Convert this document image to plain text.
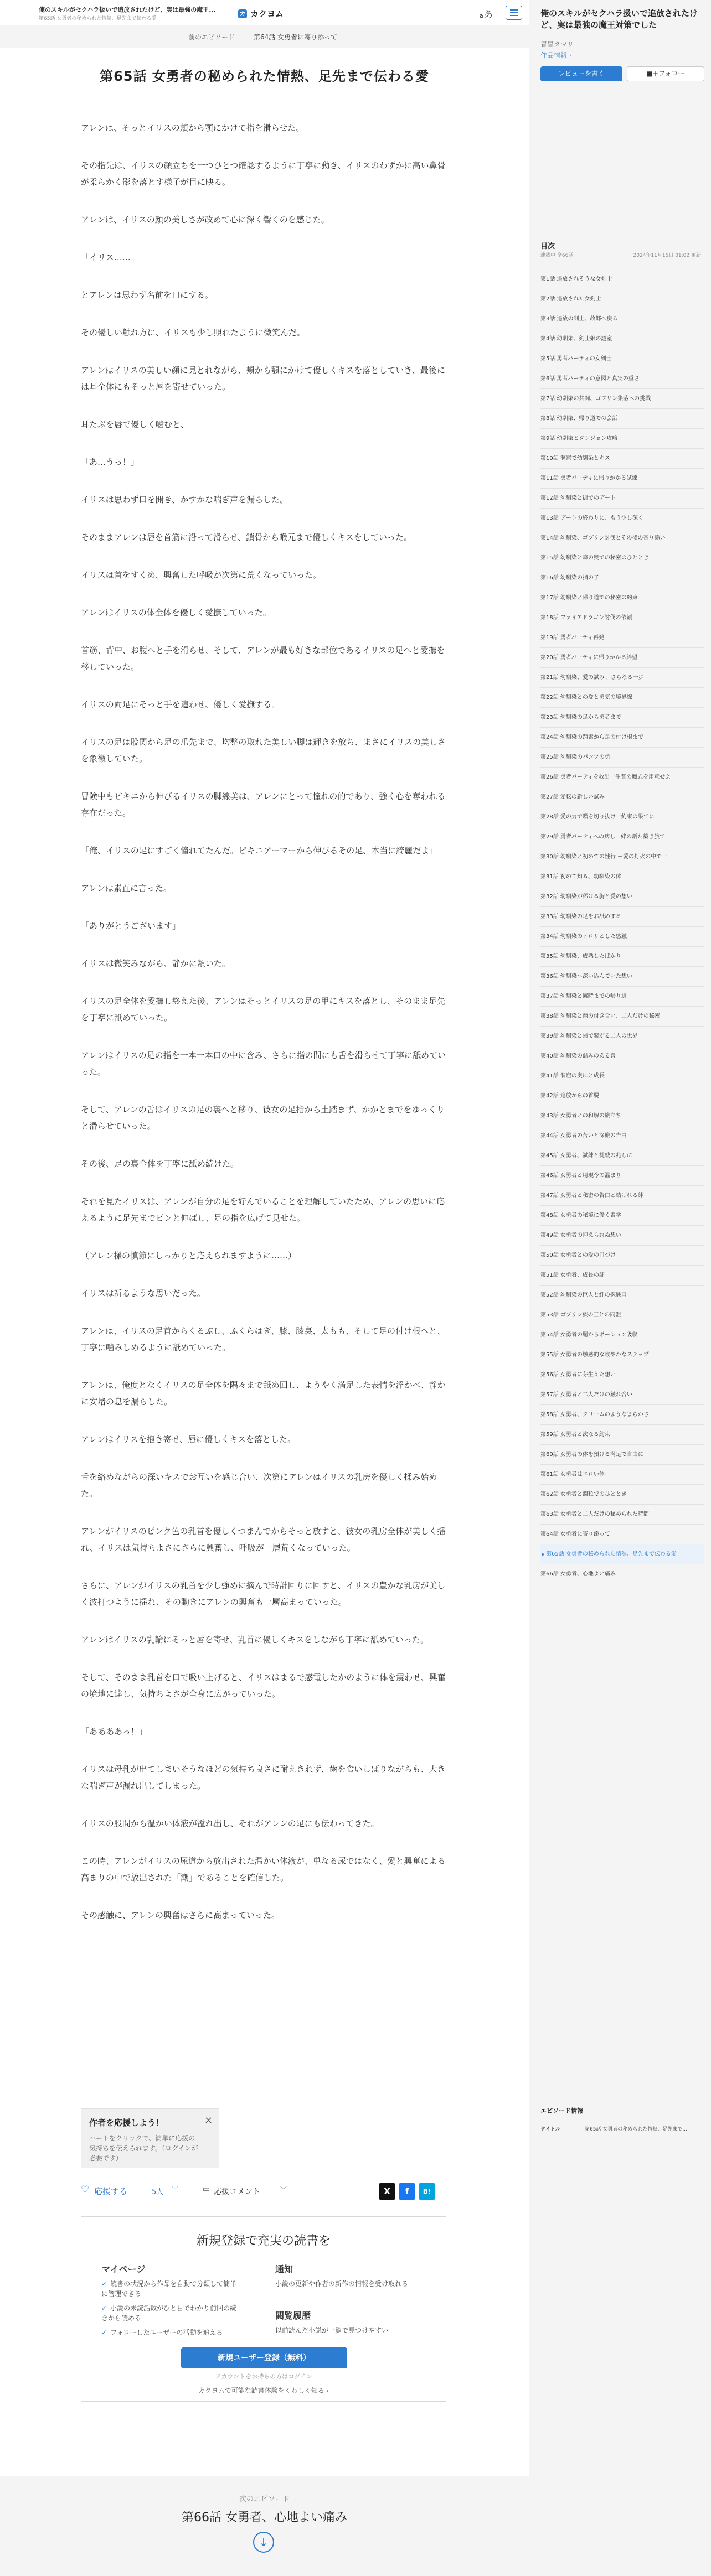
俺のスキルがセクハラ扱いで追放されたけど、実は最強の魔王...
第65話 女勇者の秘められた情熱、足先まで伝わる愛
カ カクヨム	aあ
前のエピソード	第64話 女勇者に寄り添って
第65話 女勇者の秘められた情熱、足先まで伝わる愛

アレンは、そっとイリスの頬から顎にかけて指を滑らせた。

その指先は、イリスの顔立ちを一つひとつ確認するように丁寧に動き、イリスのわずかに高い鼻骨が柔らかく影を落とす様子が目に映る。

アレンは、イリスの顔の美しさが改めて心に深く響くのを感じた。

「イリス……」

とアレンは思わず名前を口にする。

その優しい触れ方に、イリスも少し照れたように微笑んだ。

アレンはイリスの美しい顔に見とれながら、頬から顎にかけて優しくキスを落としていき、最後には耳全体にもそっと唇を寄せていった。

耳たぶを唇で優しく噛むと、

「あ…うっ！」

イリスは思わず口を開き、かすかな喘ぎ声を漏らした。

そのままアレンは唇を首筋に沿って滑らせ、鎖骨から喉元まで優しくキスをしていった。

イリスは首をすくめ、興奮した呼吸が次第に荒くなっていった。

アレンはイリスの体全体を優しく愛撫していった。

首筋、背中、お腹へと手を滑らせ、そして、アレンが最も好きな部位であるイリスの足へと愛撫を移していった。

イリスの両足にそっと手を這わせ、優しく愛撫する。

イリスの足は股関から足の爪先まで、均整の取れた美しい脚は輝きを放ち、まさにイリスの美しさを象徴していた。

冒険中もビキニから伸びるイリスの脚線美は、アレンにとって憧れの的であり、強く心を奪われる存在だった。

「俺、イリスの足にすごく憧れてたんだ。ビキニアーマーから伸びるその足、本当に綺麗だよ」

アレンは素直に言った。

「ありがとうございます」

イリスは微笑みながら、静かに頷いた。

イリスの足全体を愛撫し終えた後、アレンはそっとイリスの足の甲にキスを落とし、そのまま足先を丁寧に舐めていった。

アレンはイリスの足の指を一本一本口の中に含み、さらに指の間にも舌を滑らせて丁寧に舐めていった。

そして、アレンの舌はイリスの足の裏へと移り、彼女の足指から土踏まず、かかとまでをゆっくりと滑らせていった。

その後、足の裏全体を丁寧に舐め続けた。

それを見たイリスは、アレンが自分の足を好んでいることを理解していたため、アレンの思いに応えるように足先までピンと伸ばし、足の指を広げて見せた。

（アレン様の慎節にしっかりと応えられますように……）

イリスは祈るような思いだった。

アレンは、イリスの足首からくるぶし、ふくらはぎ、膝、膝裏、太もも、そして足の付け根へと、丁寧に噛みしめるように舐めていった。

アレンは、俺度となくイリスの足全体を隅々まで舐め回し、ようやく満足した表情を浮かべ、静かに安堵の息を漏らした。

アレンはイリスを抱き寄せ、唇に優しくキスを落とした。

舌を絡めながらの深いキスでお互いを感じ合い、次第にアレンはイリスの乳房を優しく揉み始めた。

アレンがイリスのピンク色の乳首を優しくつまんでからそっと放すと、彼女の乳房全体が美しく揺れ、イリスは気持ちよさにさらに興奮し、呼吸が一層荒くなっていった。

さらに、アレンがイリスの乳首を少し強めに摘んで時計回りに回すと、イリスの豊かな乳房が美しく波打つように揺れ、その動きにアレンの興奮も一層高まっていった。

アレンはイリスの乳輪にそっと唇を寄せ、乳首に優しくキスをしながら丁寧に舐めていった。

そして、そのまま乳首を口で吸い上げると、イリスはまるで感電したかのように体を震わせ、興奮の境地に達し、気持ちよさが全身に広がっていった。

「ああああっ！」

イリスは母乳が出てしまいそうなほどの気持ち良さに耐えきれず、歯を食いしばりながらも、大きな喘ぎ声が漏れ出してしまった。

イリスの股間から温かい体液が溢れ出し、それがアレンの足にも伝わってきた。

この時、アレンがイリスの尿道から放出された温かい体液が、単なる尿ではなく、愛と興奮による高まりの中で放出された「潮」であることを確信した。

その感触に、アレンの興奮はさらに高まっていった。

作者を応援しよう！
ハートをクリックで、簡単に応援の気持ちを伝えられます。（ログインが必要です）
×
♡ 応援する	5人 ﹀	▭ 応援コメント	﹀	X	f	B!
新規登録で充実の読書を
マイページ
✓ 読書の状況から作品を自動で分類して簡単に管理できる
✓ 小説の未読話数がひと目でわかり前回の続きから読める
✓ フォローしたユーザーの活動を追える
通知
小説の更新や作者の新作の情報を受け取れる
閲覧履歴
以前読んだ小説が一覧で見つけやすい
新規ユーザー登録（無料）
アカウントをお持ちの方はログイン
カクヨムで可能な読書体験をくわしく知る ›
次のエピソード
第66話 女勇者、心地よい痛み
↓
俺のスキルがセクハラ扱いで追放されたけど、実は最強の魔王対策でした
冒冒タマリ
作品情報 ›
レビューを書く	■+フォロー
目次
連載中 全66話	2024年11月15日 01:02 更新
第1話 追放されそうな女剣士
第2話 追放された女剣士
第3話 追放の剣士、故郷へ戻る
第4話 幼馴染、剣士娘の謎室
第5話 勇者パーティの女剣士
第6話 勇者パーティの意図と真実の重さ
第7話 幼馴染の共闘、ゴブリン集落への挑戦
第8話 幼馴染、帰り道での会話
第9話 幼馴染とダンジョン攻略
第10話 洞窟で幼馴染とキス
第11話 勇者パーティに帰りかかる試練
第12話 幼馴染と街でのデート
第13話 デートの終わりに、もう少し深く
第14話 幼馴染、ゴブリン討伐とその後の寄り添い
第15話 幼馴染と森の奥での秘密のひととき
第16話 幼馴染の指の子
第17話 幼馴染と帰り道での秘密の約束
第18話 ファイアドラゴン討伐の依頼
第19話 勇者パーティ再発
第20話 勇者パーティに帰りかかる絆望
第21話 幼馴染、愛の試み、さらなる一歩
第22話 幼馴染との愛と勇気の境界線
第23話 幼馴染の足から勇者まで
第24話 幼馴染の踊素から足の付け根まで
第25話 幼馴染のパンツの勇
第26話 勇者パーティを救出一生賞の魔式を用意せよ
第27話 愛転の新しい試み
第28話 愛の力で贈を切り抜け一約束の果てに
第29話 勇者パーティへの病し一絆の新た築き旅て
第30話 幼馴染と初めての性行 ー愛の灯火の中で一
第31話 初めて知る、幼馴染の体
第32話 幼馴染が稀ける胸と愛の想い
第33話 幼馴染の足をお舐めする
第34話 幼馴染のトロリとした感触
第35話 幼馴染、成熟したばかり
第36話 幼馴染へ深い込んでいた想い
第37話 幼馴染と擁時までの帰り道
第38話 幼馴染と幽の付き合い、二人だけの秘密
第39話 幼馴染と帰で繋がる二人の世界
第40話 幼馴染の温みのある喜
第41話 洞窟の奥にと成長
第42話 追放からの首脱
第43話 女勇者との和解の旅立ち
第44話 女勇者の苦いと深旅の告白
第45話 女勇者、試練と挑戦の兆しに
第46話 女勇者と用現今の温まり
第47話 女勇者と秘密の告白と結ばれる絆
第48話 女勇者の秘境に優く素学
第49話 女勇者の抑えられぬ想い
第50話 女勇者との愛の口づけ
第51話 女勇者、成長の証
第52話 幼馴染の巨人と絆の探験口
第53話 ゴブリン族の王との同盟
第54話 女勇者の腸からポーション吸収
第55話 女勇者の触感的な喉やかなステップ
第56話 女勇者に芽生えた想い
第57話 女勇者と二人だけの触れ合い
第58話 女勇者、クリームのようなまらかさ
第59話 女勇者と次なる約束
第60話 女勇者の体を預ける満足で自由に
第61話 女勇者はエロい体
第62話 女勇者と潤粒でのひととき
第63話 女勇者と二人だけの秘められた時間
第64話 女勇者に寄り添って
第65話 女勇者の秘められた情熱、足先まで伝わる愛
第66話 女勇者、心地よい痛み
エピソード情報
タイトル	第65話 女勇者の秘められた情熱、足先まで...
